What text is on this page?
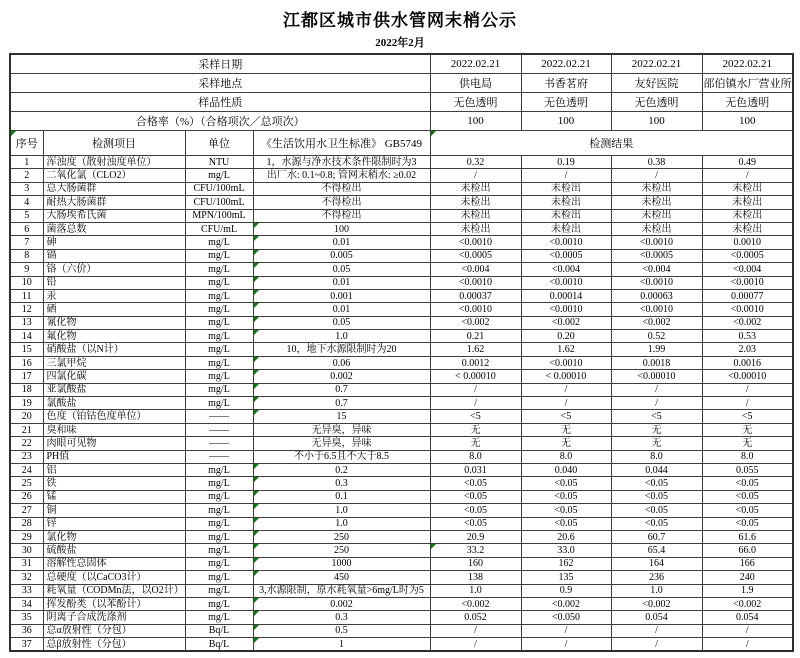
江都区城市供水管网末梢公示
2022年2月
采样日期				2022.02.21	2022.02.21	2022.02.21	2022.02.21
采样地点				供电局	书香茗府	友好医院	邵伯镇水厂营业所
样品性质				无色透明	无色透明	无色透明	无色透明
合格率（%）（合格项次／总项次）				100	100	100	100

序号	检测项目	单位	《生活饮用水卫生标准》 GB5749	检测结果			
1	浑浊度（散射浊度单位）	NTU	1，水源与净水技术条件限制时为3	0.32	0.19	0.38	0.49
2	二氧化氯（CLO2）	mg/L	出厂水: 0.1~0.8; 管网末稍水: ≥0.02	/	/	/	/
3	总大肠菌群	CFU/100mL	不得检出	未检出	未检出	未检出	未检出
4	耐热大肠菌群	CFU/100mL	不得检出	未检出	未检出	未检出	未检出
5	大肠埃希氏菌	MPN/100mL	不得检出	未检出	未检出	未检出	未检出
6	菌落总数	CFU/mL	100	未检出	未检出	未检出	未检出
7	砷	mg/L	0.01	<0.0010	<0.0010	<0.0010	0.0010
8	镉	mg/L	0.005	<0.0005	<0.0005	<0.0005	<0.0005
9	铬（六价）	mg/L	0.05	<0.004	<0.004	<0.004	<0.004
10	铅	mg/L	0.01	<0.0010	<0.0010	<0.0010	<0.0010
11	汞	mg/L	0.001	0.00037	0.00014	0.00063	0.00077
12	硒	mg/L	0.01	<0.0010	<0.0010	<0.0010	<0.0010
13	氰化物	mg/L	0.05	<0.002	<0.002	<0.002	<0.002
14	氟化物	mg/L	1.0	0.21	0.20	0.52	0.53
15	硝酸盐（以N计）	mg/L	10，地下水源限制时为20	1.62	1.62	1.99	2.03
16	三氯甲烷	mg/L	0.06	0.0012	<0.0010	0.0018	0.0016
17	四氯化碳	mg/L	0.002	< 0.00010	< 0.00010	<0.00010	<0.00010
18	亚氯酸盐	mg/L	0.7	/	/	/	/
19	氯酸盐	mg/L	0.7	/	/	/	/
20	色度（铂钴色度单位）	——	15	<5	<5	<5	<5
21	臭和味	——	无异臭，异味	无	无	无	无
22	肉眼可见物	——	无异臭，异味	无	无	无	无
23	PH值	——	不小于6.5且不大于8.5	8.0	8.0	8.0	8.0
24	铝	mg/L	0.2	0.031	0.040	0.044	0.055
25	铁	mg/L	0.3	<0.05	<0.05	<0.05	<0.05
26	锰	mg/L	0.1	<0.05	<0.05	<0.05	<0.05
27	铜	mg/L	1.0	<0.05	<0.05	<0.05	<0.05
28	锌	mg/L	1.0	<0.05	<0.05	<0.05	<0.05
29	氯化物	mg/L	250	20.9	20.6	60.7	61.6
30	硫酸盐	mg/L	250	33.2	33.0	65.4	66.0
31	溶解性总固体	mg/L	1000	160	162	164	166
32	总硬度（以CaCO3计）	mg/L	450	138	135	236	240
33	耗氧量（CODMn法，以O2计）	mg/L	3,水源限制，原水耗氧量>6mg/L时为5	1.0	0.9	1.0	1.9
34	挥发酚类（以苯酚计）	mg/L	0.002	<0.002	<0.002	<0.002	<0.002
35	阴离子合成洗涤剂	mg/L	0.3	0.052	<0.050	0.054	0.054
36	总α放射性（分包）	Bq/L	0.5	/	/	/	/
37	总β放射性（分包）	Bq/L	1	/	/	/	/
